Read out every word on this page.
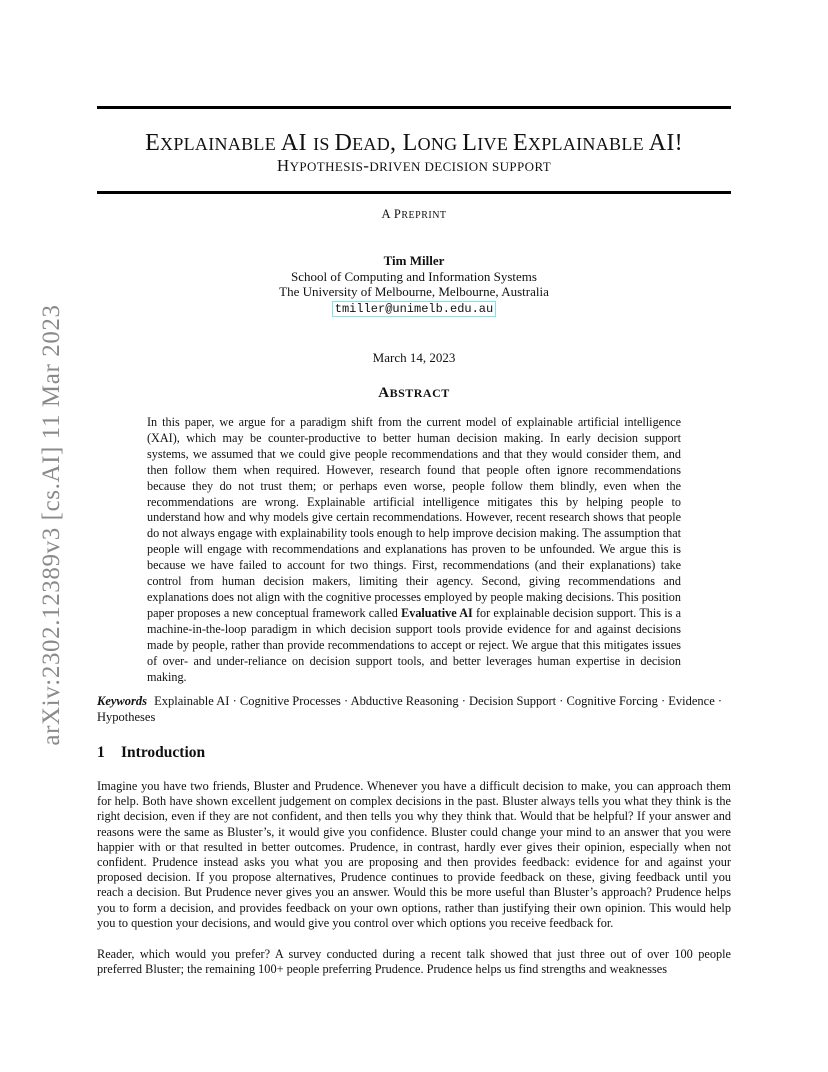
arXiv:2302.12389v3 [cs.AI] 11 Mar 2023
EXPLAINABLE AI IS DEAD, LONG LIVE EXPLAINABLE AI!
HYPOTHESIS-DRIVEN DECISION SUPPORT
A PREPRINT
Tim Miller
School of Computing and Information Systems
The University of Melbourne, Melbourne, Australia
tmiller@unimelb.edu.au
March 14, 2023
ABSTRACT
In this paper, we argue for a paradigm shift from the current model of explainable artificial intelligence (XAI), which may be counter-productive to better human decision making. In early decision support systems, we assumed that we could give people recommendations and that they would consider them, and then follow them when required. However, research found that people often ignore recommendations because they do not trust them; or perhaps even worse, people follow them blindly, even when the recommendations are wrong. Explainable artificial intelligence mitigates this by helping people to understand how and why models give certain recommendations. However, recent research shows that people do not always engage with explainability tools enough to help improve decision making. The assumption that people will engage with recommendations and explanations has proven to be unfounded. We argue this is because we have failed to account for two things. First, recommendations (and their explanations) take control from human decision makers, limiting their agency. Second, giving recommendations and explanations does not align with the cognitive processes employed by people making decisions. This position paper proposes a new conceptual framework called Evaluative AI for explainable decision support. This is a machine-in-the-loop paradigm in which decision support tools provide evidence for and against decisions made by people, rather than provide recommendations to accept or reject. We argue that this mitigates issues of over- and under-reliance on decision support tools, and better leverages human expertise in decision making.
Keywords Explainable AI · Cognitive Processes · Abductive Reasoning · Decision Support · Cognitive Forcing · Evidence · Hypotheses
1 Introduction
Imagine you have two friends, Bluster and Prudence. Whenever you have a difficult decision to make, you can approach them for help. Both have shown excellent judgement on complex decisions in the past. Bluster always tells you what they think is the right decision, even if they are not confident, and then tells you why they think that. Would that be helpful? If your answer and reasons were the same as Bluster’s, it would give you confidence. Bluster could change your mind to an answer that you were happier with or that resulted in better outcomes. Prudence, in contrast, hardly ever gives their opinion, especially when not confident. Prudence instead asks you what you are proposing and then provides feedback: evidence for and against your proposed decision. If you propose alternatives, Prudence continues to provide feedback on these, giving feedback until you reach a decision. But Prudence never gives you an answer. Would this be more useful than Bluster’s approach? Prudence helps you to form a decision, and provides feedback on your own options, rather than justifying their own opinion. This would help you to question your decisions, and would give you control over which options you receive feedback for.
Reader, which would you prefer? A survey conducted during a recent talk showed that just three out of over 100 people preferred Bluster; the remaining 100+ people preferring Prudence. Prudence helps us find strengths and weaknesses
